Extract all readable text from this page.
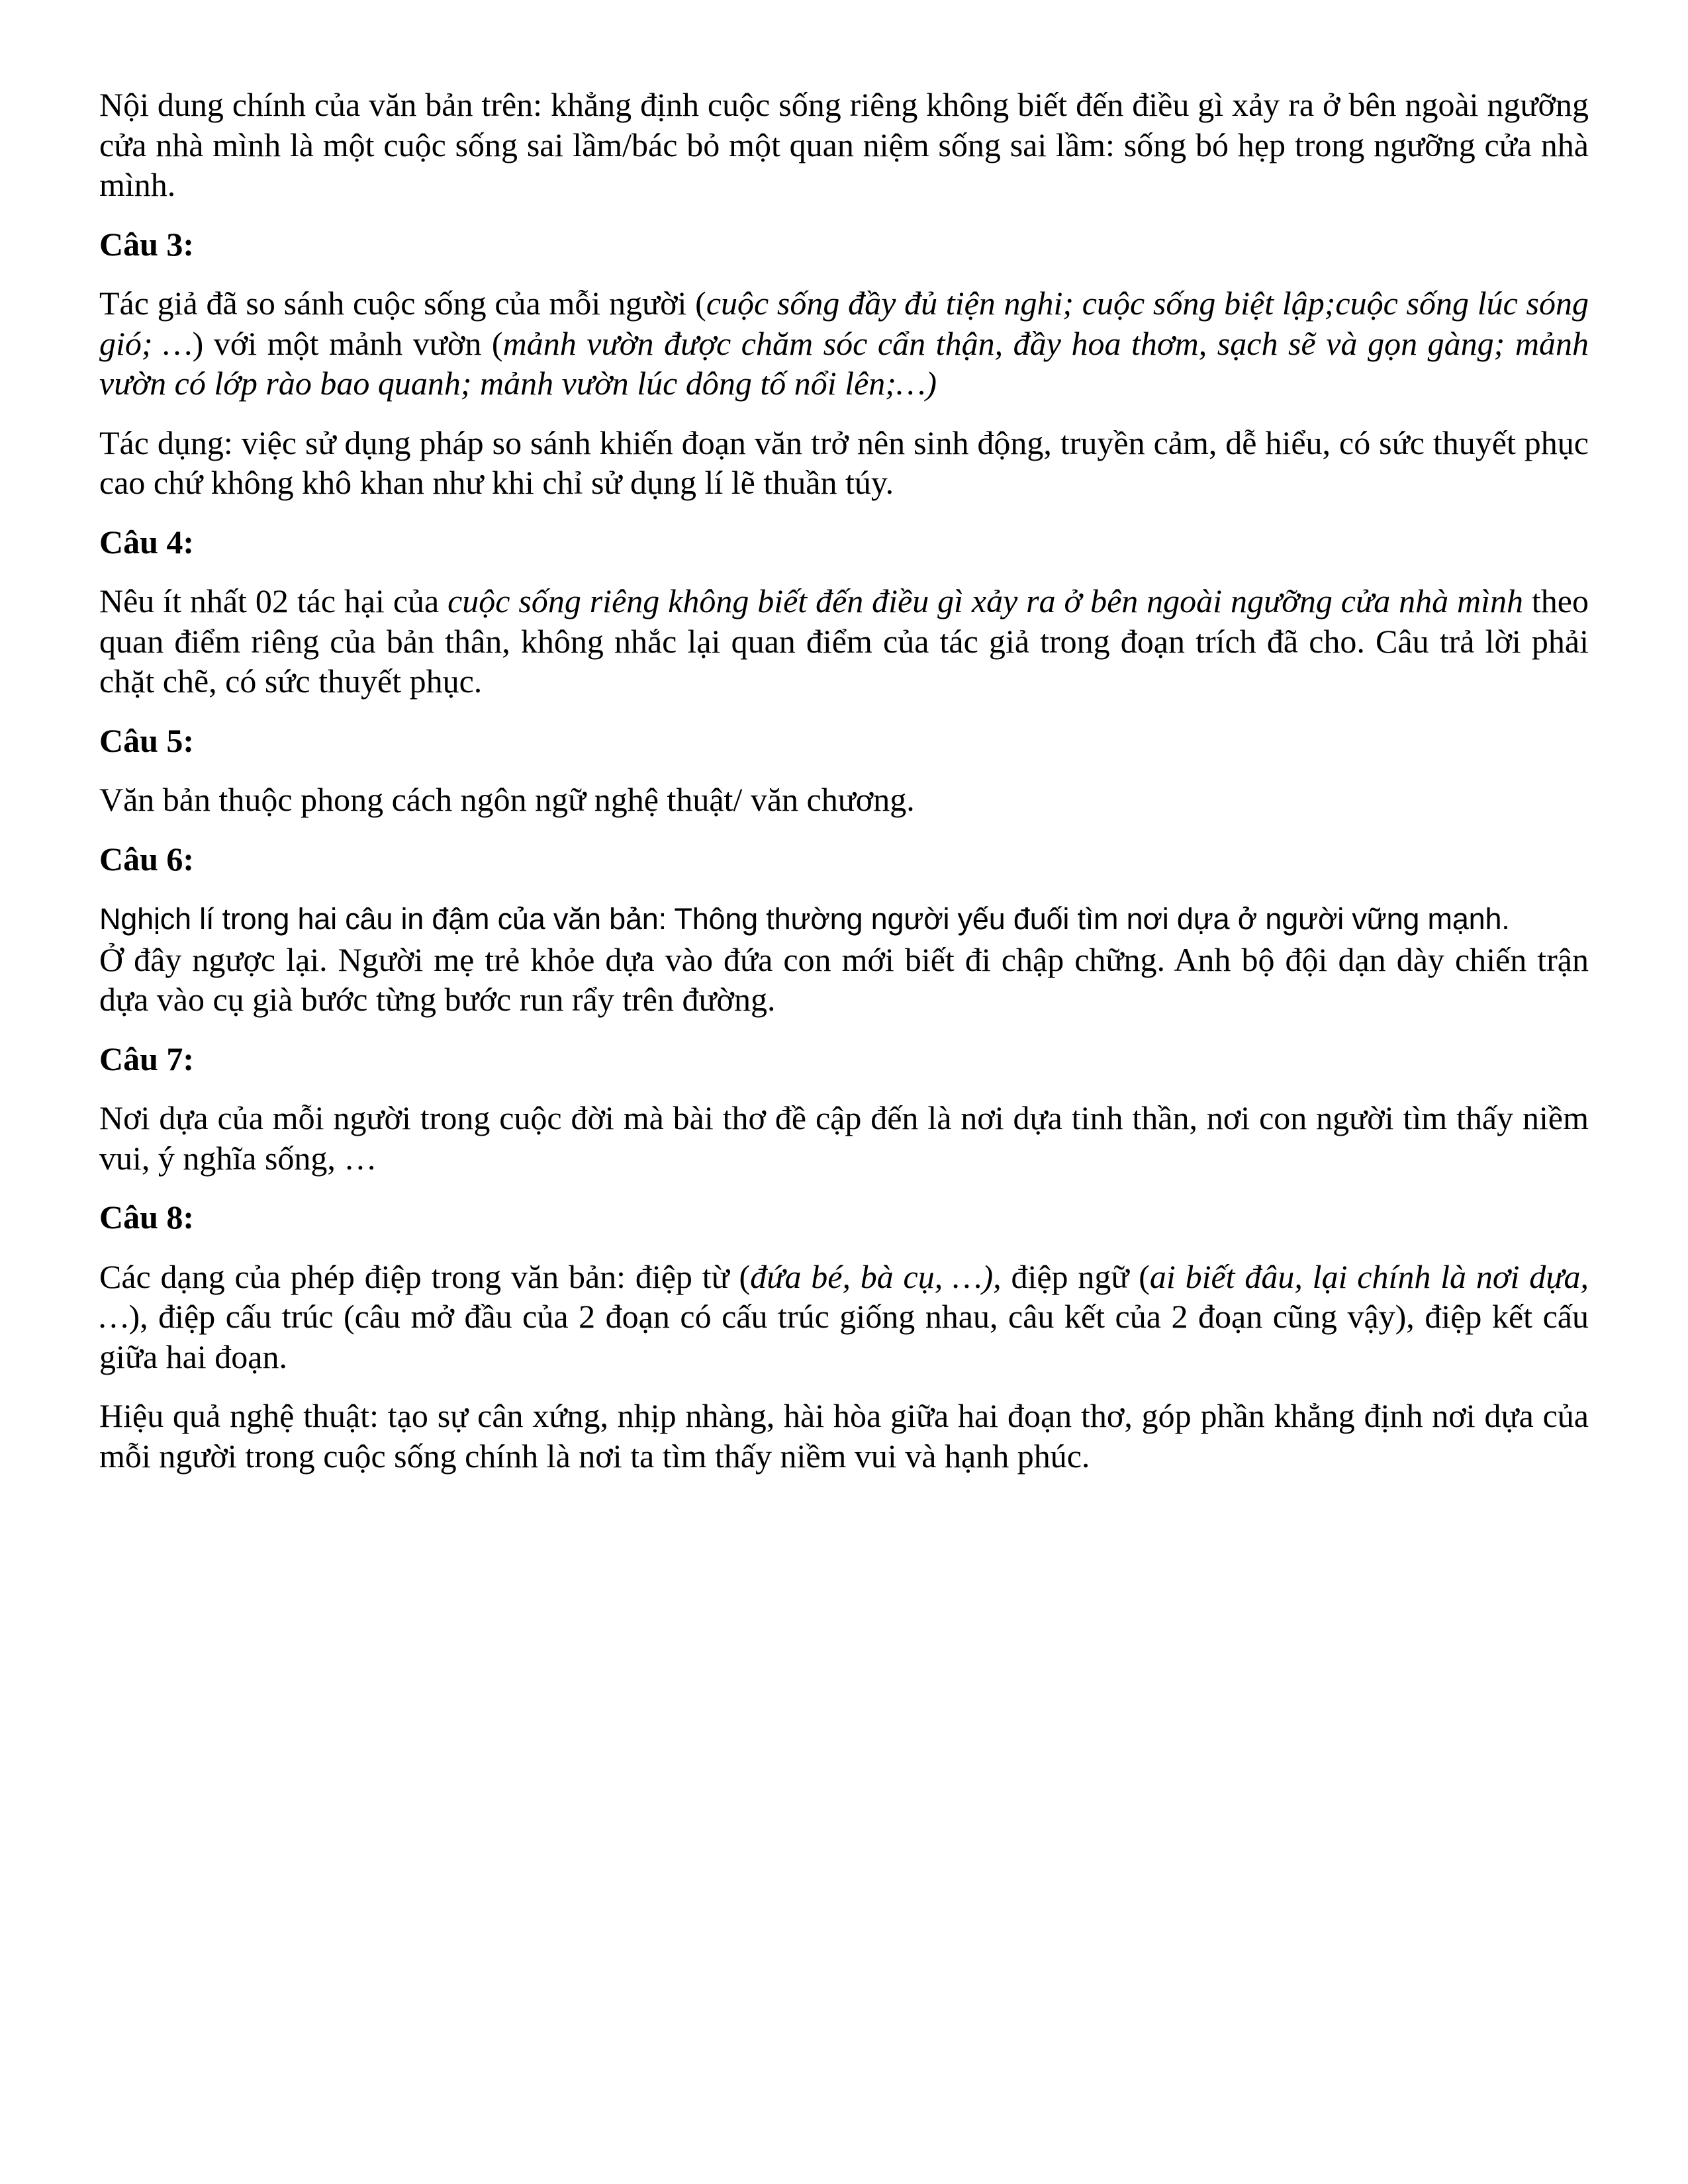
Nội dung chính của văn bản trên: khẳng định cuộc sống riêng không biết đến điều gì xảy ra ở bên ngoài ngưỡng cửa nhà mình là một cuộc sống sai lầm/bác bỏ một quan niệm sống sai lầm: sống bó hẹp trong ngưỡng cửa nhà mình.

Câu 3:

Tác giả đã so sánh cuộc sống của mỗi người (cuộc sống đầy đủ tiện nghi; cuộc sống biệt lập;cuộc sống lúc sóng gió; …) với một mảnh vườn (mảnh vườn được chăm sóc cẩn thận, đầy hoa thơm, sạch sẽ và gọn gàng; mảnh vườn có lớp rào bao quanh; mảnh vườn lúc dông tố nổi lên;…)

Tác dụng: việc sử dụng pháp so sánh khiến đoạn văn trở nên sinh động, truyền cảm, dễ hiểu, có sức thuyết phục cao chứ không khô khan như khi chỉ sử dụng lí lẽ thuần túy.

Câu 4:

Nêu ít nhất 02 tác hại của cuộc sống riêng không biết đến điều gì xảy ra ở bên ngoài ngưỡng cửa nhà mình theo quan điểm riêng của bản thân, không nhắc lại quan điểm của tác giả trong đoạn trích đã cho. Câu trả lời phải chặt chẽ, có sức thuyết phục.

Câu 5:

Văn bản thuộc phong cách ngôn ngữ nghệ thuật/ văn chương.

Câu 6:

Nghịch lí trong hai câu in đậm của văn bản: Thông thường người yếu đuối tìm nơi dựa ở người vững mạnh.
Ở đây ngược lại. Người mẹ trẻ khỏe dựa vào đứa con mới biết đi chập chững. Anh bộ đội dạn dày chiến trận dựa vào cụ già bước từng bước run rẩy trên đường.

Câu 7:

Nơi dựa của mỗi người trong cuộc đời mà bài thơ đề cập đến là nơi dựa tinh thần, nơi con người tìm thấy niềm vui, ý nghĩa sống, …

Câu 8:

Các dạng của phép điệp trong văn bản: điệp từ (đứa bé, bà cụ, …), điệp ngữ (ai biết đâu, lại chính là nơi dựa, …), điệp cấu trúc (câu mở đầu của 2 đoạn có cấu trúc giống nhau, câu kết của 2 đoạn cũng vậy), điệp kết cấu giữa hai đoạn.

Hiệu quả nghệ thuật: tạo sự cân xứng, nhịp nhàng, hài hòa giữa hai đoạn thơ, góp phần khẳng định nơi dựa của mỗi người trong cuộc sống chính là nơi ta tìm thấy niềm vui và hạnh phúc.
